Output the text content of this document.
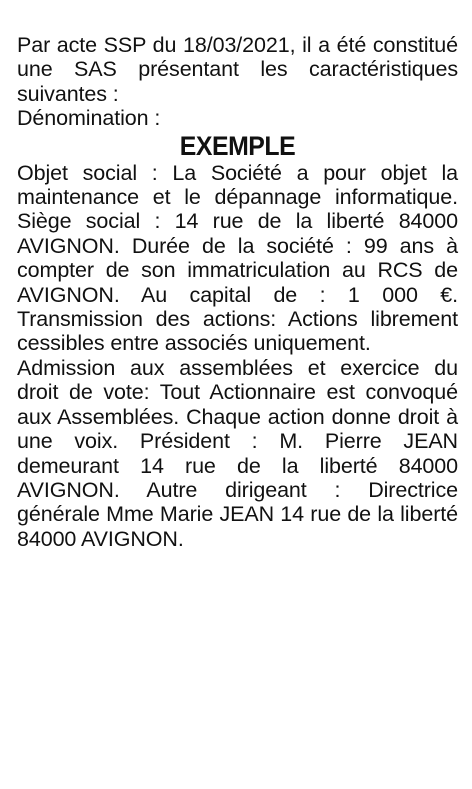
Par acte SSP du 18/03/2021, il a été constitué une SAS présentant les caractéristiques suivantes :

Dénomination :

EXEMPLE

Objet social : La Société a pour objet la maintenance et le dépannage informatique. Siège social : 14 rue de la liberté 84000 AVIGNON. Durée de la société : 99 ans à compter de son immatriculation au RCS de AVIGNON. Au capital de : 1 000 €. Transmission des actions: Actions librement cessibles entre associés uniquement.

Admission aux assemblées et exercice du droit de vote: Tout Actionnaire est convoqué aux Assemblées. Chaque action donne droit à une voix. Président : M. Pierre JEAN demeurant 14 rue de la liberté 84000 AVIGNON. Autre dirigeant : Directrice générale Mme Marie JEAN 14 rue de la liberté 84000 AVIGNON.
